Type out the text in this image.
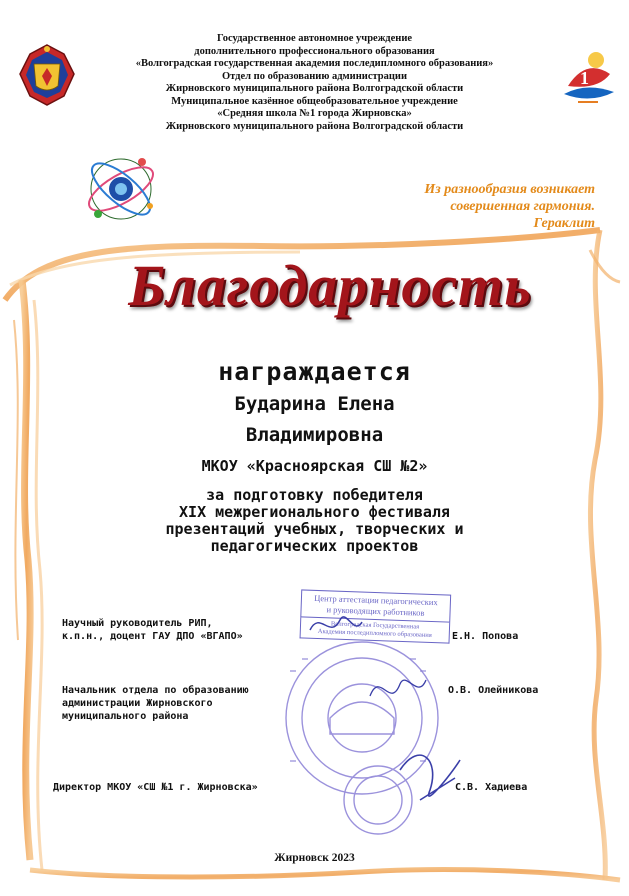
1
Государственное автономное учреждение
дополнительного профессионального образования
«Волгоградская государственная академия последипломного образования»
Отдел по образованию администрации
Жирновского муниципального района Волгоградской области
Муниципальное казённое общеобразовательное учреждение
«Средняя школа №1 города Жирновска»
Жирновского муниципального района Волгоградской области
Из разнообразия возникает
совершенная гармония.
Гераклит
Благодарность
награждается
Бударина Елена
Владимировна
МКОУ «Красноярская СШ №2»
за подготовку победителя
XIX межрегионального фестиваля
презентаций учебных, творческих и
педагогических проектов
Центр аттестации педагогических
и руководящих работников
Волгоградская Государственная
Академия последипломного образования
Научный руководитель РИП,
к.п.н., доцент ГАУ ДПО «ВГАПО»	Е.Н. Попова
Начальник отдела по образованию
администрации Жирновского
муниципального района
О.В. Олейникова
Директор МКОУ «СШ №1 г. Жирновска»	С.В. Хадиева
Жирновск 2023
